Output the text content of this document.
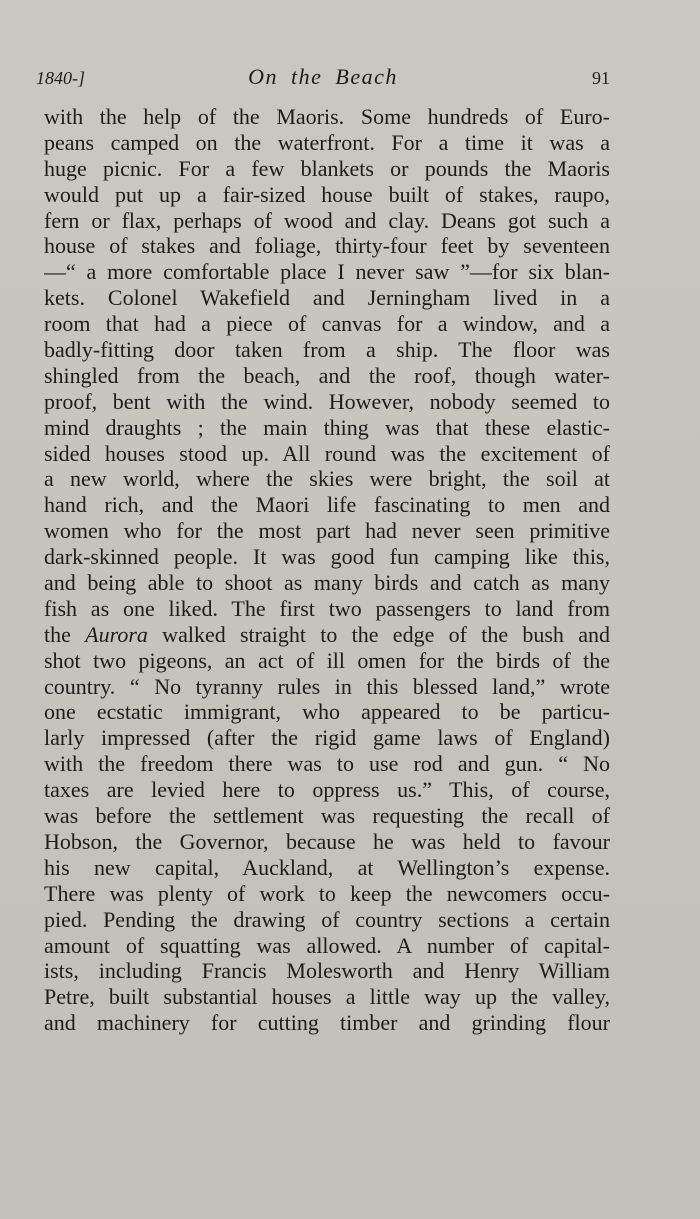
1840-]	On the Beach	91
with the help of the Maoris. Some hundreds of Euro-
peans camped on the waterfront. For a time it was a
huge picnic. For a few blankets or pounds the Maoris
would put up a fair-sized house built of stakes, raupo,
fern or flax, perhaps of wood and clay. Deans got such a
house of stakes and foliage, thirty-four feet by seventeen
—“ a more comfortable place I never saw ”—for six blan-
kets. Colonel Wakefield and Jerningham lived in a
room that had a piece of canvas for a window, and a
badly-fitting door taken from a ship. The floor was
shingled from the beach, and the roof, though water-
proof, bent with the wind. However, nobody seemed to
mind draughts ; the main thing was that these elastic-
sided houses stood up. All round was the excitement of
a new world, where the skies were bright, the soil at
hand rich, and the Maori life fascinating to men and
women who for the most part had never seen primitive
dark-skinned people. It was good fun camping like this,
and being able to shoot as many birds and catch as many
fish as one liked. The first two passengers to land from
the Aurora walked straight to the edge of the bush and
shot two pigeons, an act of ill omen for the birds of the
country. “ No tyranny rules in this blessed land,” wrote
one ecstatic immigrant, who appeared to be particu-
larly impressed (after the rigid game laws of England)
with the freedom there was to use rod and gun. “ No
taxes are levied here to oppress us.” This, of course,
was before the settlement was requesting the recall of
Hobson, the Governor, because he was held to favour
his new capital, Auckland, at Wellington’s expense.
There was plenty of work to keep the newcomers occu-
pied. Pending the drawing of country sections a certain
amount of squatting was allowed. A number of capital-
ists, including Francis Molesworth and Henry William
Petre, built substantial houses a little way up the valley,
and machinery for cutting timber and grinding flour
